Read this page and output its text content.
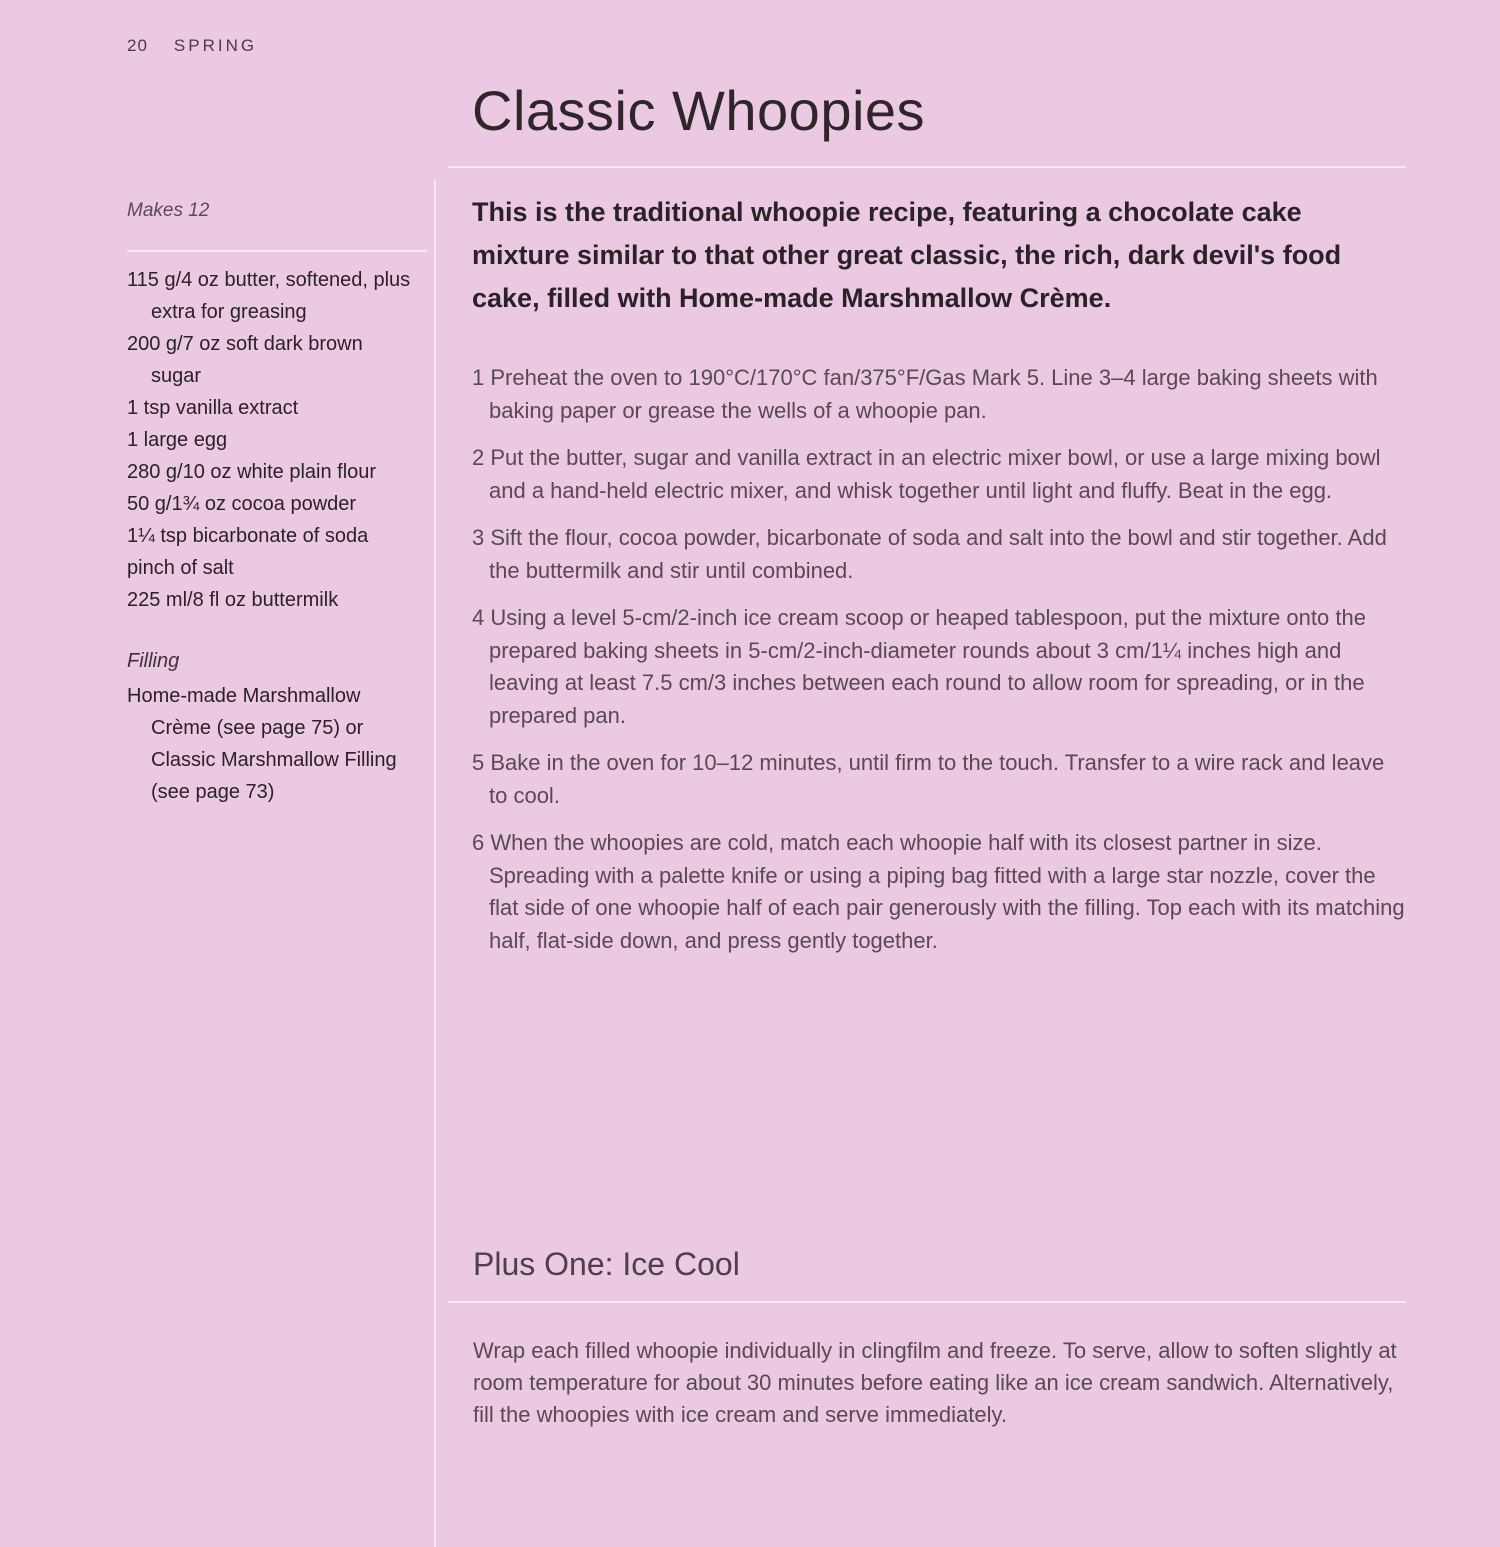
20 SPRING
Classic Whoopies

Makes 12

115 g/4 oz butter, softened, plus extra for greasing
200 g/7 oz soft dark brown sugar
1 tsp vanilla extract
1 large egg
280 g/10 oz white plain flour
50 g/1¾ oz cocoa powder
1¼ tsp bicarbonate of soda
pinch of salt
225 ml/8 fl oz buttermilk
Filling
Home-made Marshmallow Crème (see page 75) or Classic Marshmallow Filling (see page 73)

This is the traditional whoopie recipe, featuring a chocolate cake mixture similar to that other great classic, the rich, dark devil's food cake, filled with Home-made Marshmallow Crème.

1 Preheat the oven to 190°C/170°C fan/375°F/Gas Mark 5. Line 3–4 large baking sheets with baking paper or grease the wells of a whoopie pan.
2 Put the butter, sugar and vanilla extract in an electric mixer bowl, or use a large mixing bowl and a hand-held electric mixer, and whisk together until light and fluffy. Beat in the egg.
3 Sift the flour, cocoa powder, bicarbonate of soda and salt into the bowl and stir together. Add the buttermilk and stir until combined.
4 Using a level 5-cm/2-inch ice cream scoop or heaped tablespoon, put the mixture onto the prepared baking sheets in 5-cm/2-inch-diameter rounds about 3 cm/1¼ inches high and leaving at least 7.5 cm/3 inches between each round to allow room for spreading, or in the prepared pan.
5 Bake in the oven for 10–12 minutes, until firm to the touch. Transfer to a wire rack and leave to cool.
6 When the whoopies are cold, match each whoopie half with its closest partner in size. Spreading with a palette knife or using a piping bag fitted with a large star nozzle, cover the flat side of one whoopie half of each pair generously with the filling. Top each with its matching half, flat-side down, and press gently together.
Plus One: Ice Cool

Wrap each filled whoopie individually in clingfilm and freeze. To serve, allow to soften slightly at room temperature for about 30 minutes before eating like an ice cream sandwich. Alternatively, fill the whoopies with ice cream and serve immediately.
